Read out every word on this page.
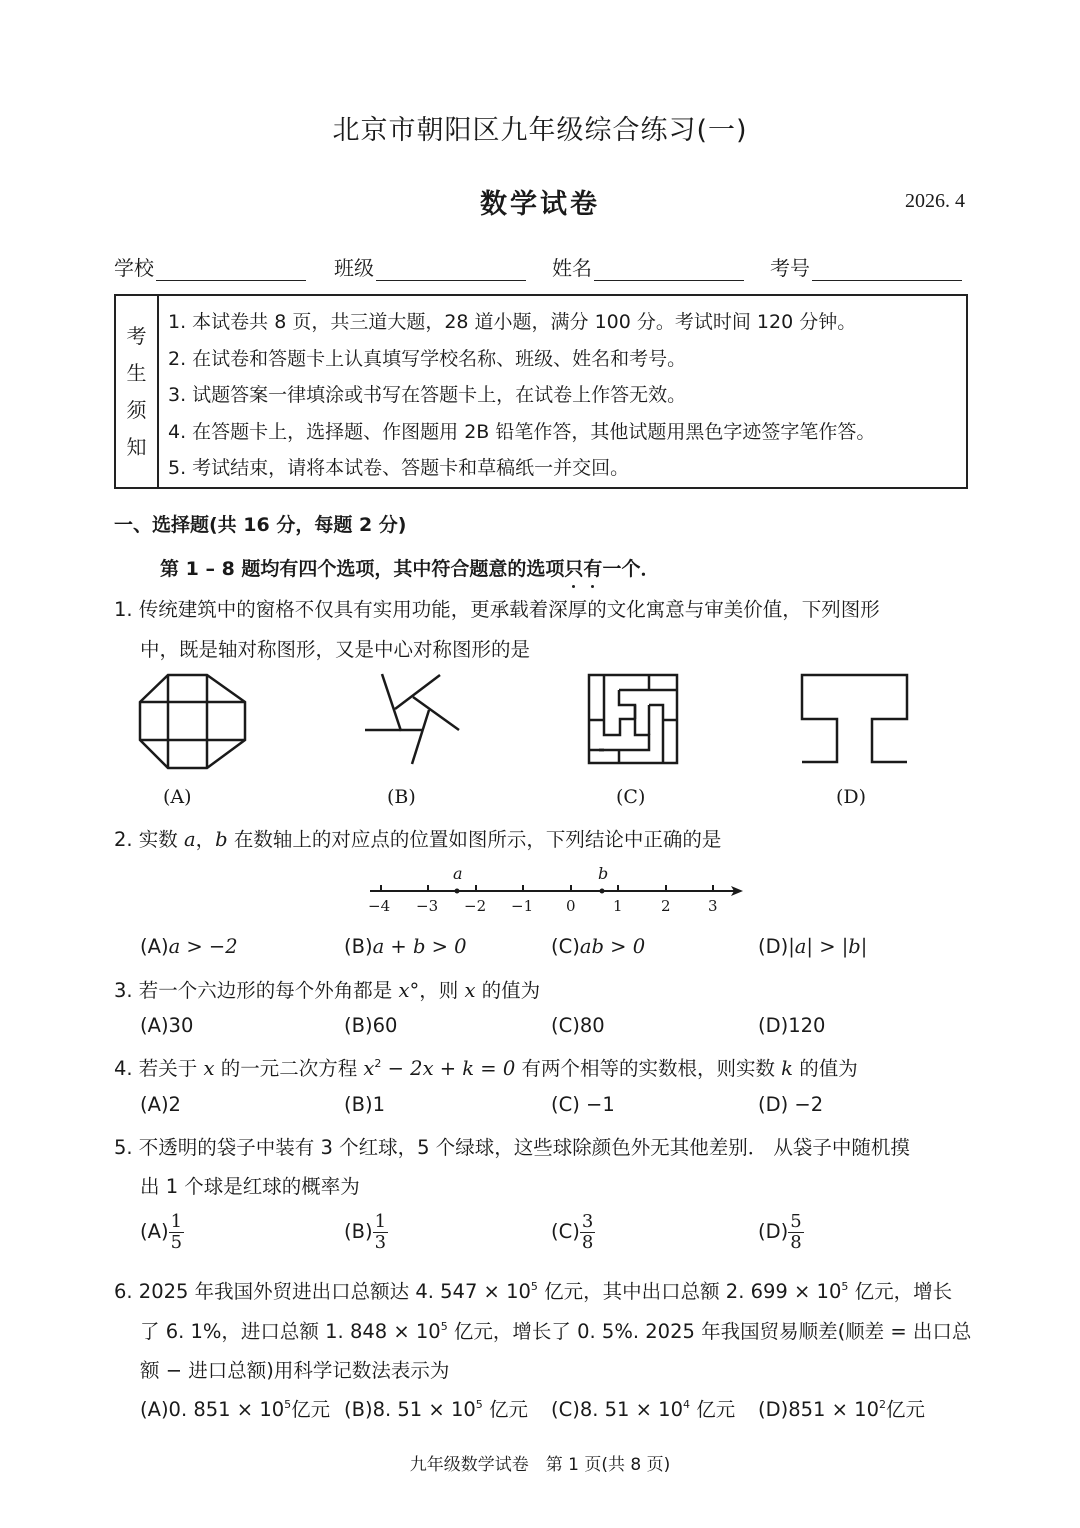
北京市朝阳区九年级综合练习(一)
数学试卷	2026. 4
学校	班级	姓名	考号
考
生
须
知
1. 本试卷共 8 页，共三道大题，28 道小题，满分 100 分。考试时间 120 分钟。
2. 在试卷和答题卡上认真填写学校名称、班级、姓名和考号。
3. 试题答案一律填涂或书写在答题卡上，在试卷上作答无效。
4. 在答题卡上，选择题、作图题用 2B 铅笔作答，其他试题用黑色字迹签字笔作答。
5. 考试结束，请将本试卷、答题卡和草稿纸一并交回。
一、选择题(共 16 分，每题 2 分)
第 1 – 8 题均有四个选项，其中符合题意的选项只有一个．
1. 传统建筑中的窗格不仅具有实用功能，更承载着深厚的文化寓意与审美价值，下列图形
中，既是轴对称图形，又是中心对称图形的是
(A)	(B)	(C)	(D)
2. 实数 a，b 在数轴上的对应点的位置如图所示，下列结论中正确的是
a	b
−4 −3 −2 −1 0 1	2 3
(A)a > −2	(B)a + b > 0	(C)ab > 0	(D)|a| > |b|
3. 若一个六边形的每个外角都是 x°，则 x 的值为
(A)30	(B)60	(C)80	(D)120
4. 若关于 x 的一元二次方程 $x^2 - 2x + k = 0$ 有两个相等的实数根，则实数 k 的值为
(A)2	(B)1	(C) −1	(D) −2
5. 不透明的袋子中装有 3 个红球，5 个绿球，这些球除颜色外无其他差别． 从袋子中随机摸
出 1 个球是红球的概率为
$(A) \frac{1}{5}$	$(B) \frac{1}{3}$	$(C) \frac{3}{8}$	$(D) \frac{5}{8}$
6. 2025 年我国外贸进出口总额达 4. $547 \times 10^5$ 亿元，其中出口总额 2. $699 \times 10^5$ 亿元，增长
了 6. 1%，进口总额 1. $848 \times 10^5$ 亿元，增长了 0. 5%. 2025 年我国贸易顺差(顺差 = 出口总
额 − 进口总额)用科学记数法表示为
(A)0. $851 \times 10^5$亿元 (B)8. $51 \times 10^5$ 亿元 (C)8. $51 \times 10^4$ 亿元 $(D)851 \times 10^2$亿元
九年级数学试卷　第 1 页(共 8 页)
